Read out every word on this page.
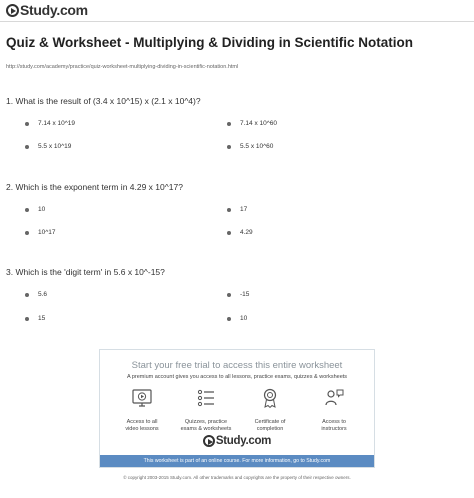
Study.com
Quiz & Worksheet - Multiplying & Dividing in Scientific Notation
http://study.com/academy/practice/quiz-worksheet-multiplying-dividing-in-scientific-notation.html
1. What is the result of (3.4 x 10^15) x (2.1 x 10^4)?
7.14 x 10^19	7.14 x 10^60
5.5 x 10^19	5.5 x 10^60
2. Which is the exponent term in 4.29 x 10^17?
10	17
10^17	4.29
3. Which is the 'digit term' in 5.6 x 10^-15?
5.6	-15
15	10
Start your free trial to access this entire worksheet
A premium account gives you access to all lessons, practice exams, quizzes & worksheets
Access to all
video lessons
Quizzes, practice
exams & worksheets
Certificate of
completion
Access to
instructors
Study.com
This worksheet is part of an online course. For more information, go to Study.com
© copyright 2003-2015 Study.com. All other trademarks and copyrights are the property of their respective owners.
